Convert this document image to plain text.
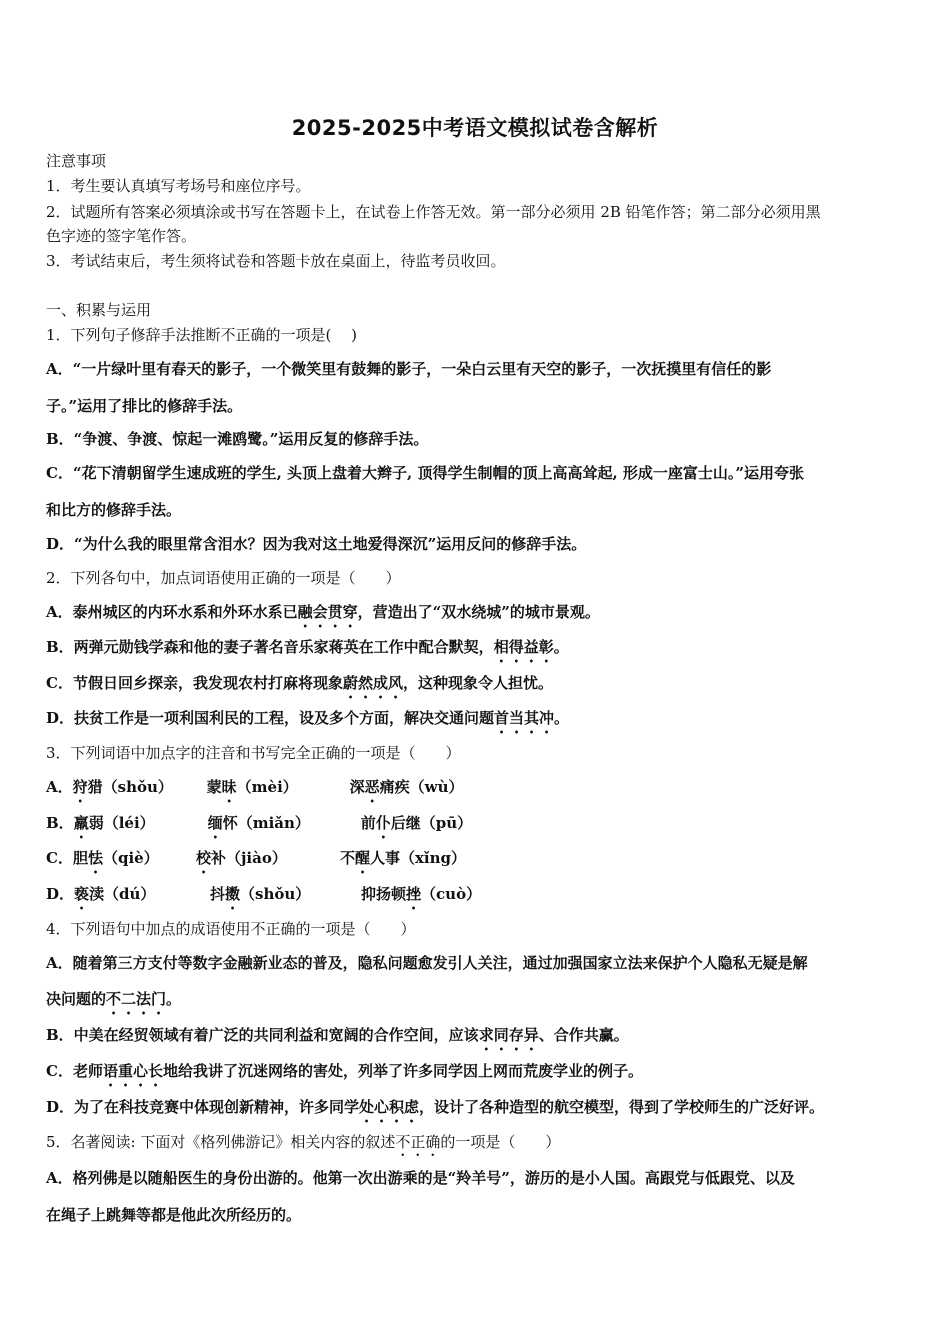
2025-2025中考语文模拟试卷含解析

注意事项

1．考生要认真填写考场号和座位序号。

2．试题所有答案必须填涂或书写在答题卡上，在试卷上作答无效。第一部分必须用 2B 铅笔作答；第二部分必须用黑

色字迹的签字笔作答。

3．考试结束后，考生须将试卷和答题卡放在桌面上，待监考员收回。

一、积累与运用

1．下列句子修辞手法推断不正确的一项是(　 )

A．“一片绿叶里有春天的影子，一个微笑里有鼓舞的影子，一朵白云里有天空的影子，一次抚摸里有信任的影

子。”运用了排比的修辞手法。

B．“争渡、争渡、惊起一滩鸥鹭。”运用反复的修辞手法。

C．“花下清朝留学生速成班的学生, 头顶上盘着大辫子, 顶得学生制帽的顶上高高耸起, 形成一座富士山。”运用夸张

和比方的修辞手法。

D．“为什么我的眼里常含泪水？因为我对这土地爱得深沉”运用反问的修辞手法。

2．下列各句中，加点词语使用正确的一项是（　　）

A．泰州城区的内环水系和外环水系已融会贯穿，营造出了“双水绕城”的城市景观。

B．两弹元勋钱学森和他的妻子著名音乐家蒋英在工作中配合默契，相得益彰。

C．节假日回乡探亲，我发现农村打麻将现象蔚然成风，这种现象令人担忧。

D．扶贫工作是一项利国利民的工程，设及多个方面，解决交通问题首当其冲。

3．下列词语中加点字的注音和书写完全正确的一项是（　　）

A．狩猎（shǒu） 蒙昧（mèi）	深恶痛疾（wù）

B．羸弱（léi）	缅怀（miǎn）	前仆后继（pū）

C．胆怯（qiè） 校补（jiào）	不醒人事（xǐng）

D．亵渎（dú）	抖擞（shǒu）	抑扬顿挫（cuò）

4．下列语句中加点的成语使用不正确的一项是（　　）

A．随着第三方支付等数字金融新业态的普及，隐私问题愈发引人关注，通过加强国家立法来保护个人隐私无疑是解

决问题的不二法门。

B．中美在经贸领域有着广泛的共同利益和宽阔的合作空间，应该求同存异、合作共赢。

C．老师语重心长地给我讲了沉迷网络的害处，列举了许多同学因上网而荒废学业的例子。

D．为了在科技竞赛中体现创新精神，许多同学处心积虑，设计了各种造型的航空模型，得到了学校师生的广泛好评。

5．名著阅读: 下面对《格列佛游记》相关内容的叙述不正确的一项是（　　）

A．格列佛是以随船医生的身份出游的。他第一次出游乘的是“羚羊号”，游历的是小人国。高跟党与低跟党、以及

在绳子上跳舞等都是他此次所经历的。
